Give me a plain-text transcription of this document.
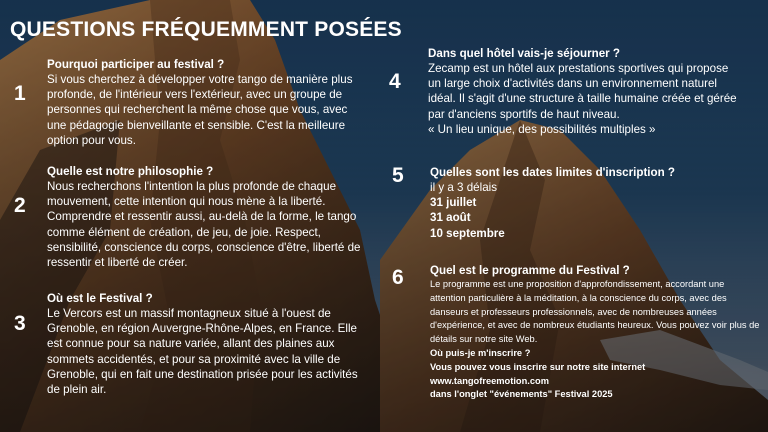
QUESTIONS FRÉQUEMMENT POSÉES
1
Pourquoi participer au festival ?

Si vous cherchez à développer votre tango de manière plus profonde, de l'intérieur vers l'extérieur, avec un groupe de personnes qui recherchent la même chose que vous, avec une pédagogie bienveillante et sensible. C'est la meilleure option pour vous.

2
Quelle est notre philosophie ?

Nous recherchons l'intention la plus profonde de chaque mouvement, cette intention qui nous mène à la liberté. Comprendre et ressentir aussi, au-delà de la forme, le tango comme élément de création, de jeu, de joie. Respect, sensibilité, conscience du corps, conscience d'être, liberté de ressentir et liberté de créer.

3
Où est le Festival ?

Le Vercors est un massif montagneux situé à l'ouest de Grenoble, en région Auvergne-Rhône-Alpes, en France. Elle est connue pour sa nature variée, allant des plaines aux sommets accidentés, et pour sa proximité avec la ville de Grenoble, qui en fait une destination prisée pour les activités de plein air.

4
Dans quel hôtel vais-je séjourner ?

Zecamp est un hôtel aux prestations sportives qui propose un large choix d'activités dans un environnement naturel idéal. Il s'agit d'une structure à taille humaine créée et gérée par d'anciens sportifs de haut niveau.

« Un lieu unique, des possibilités multiples »

5 Quelles sont les dates limites d'inscription ?

il y a 3 délais

31 juillet

31 août

10 septembre

6 Quel est le programme du Festival ?

Le programme est une proposition d'approfondissement, accordant une attention particulière à la méditation, à la conscience du corps, avec des danseurs et professeurs professionnels, avec de nombreuses années d'expérience, et avec de nombreux étudiants heureux. Vous pouvez voir plus de détails sur notre site Web.

Où puis-je m'inscrire ?

Vous pouvez vous inscrire sur notre site internet

www.tangofreemotion.com

dans l'onglet "événements" Festival 2025
